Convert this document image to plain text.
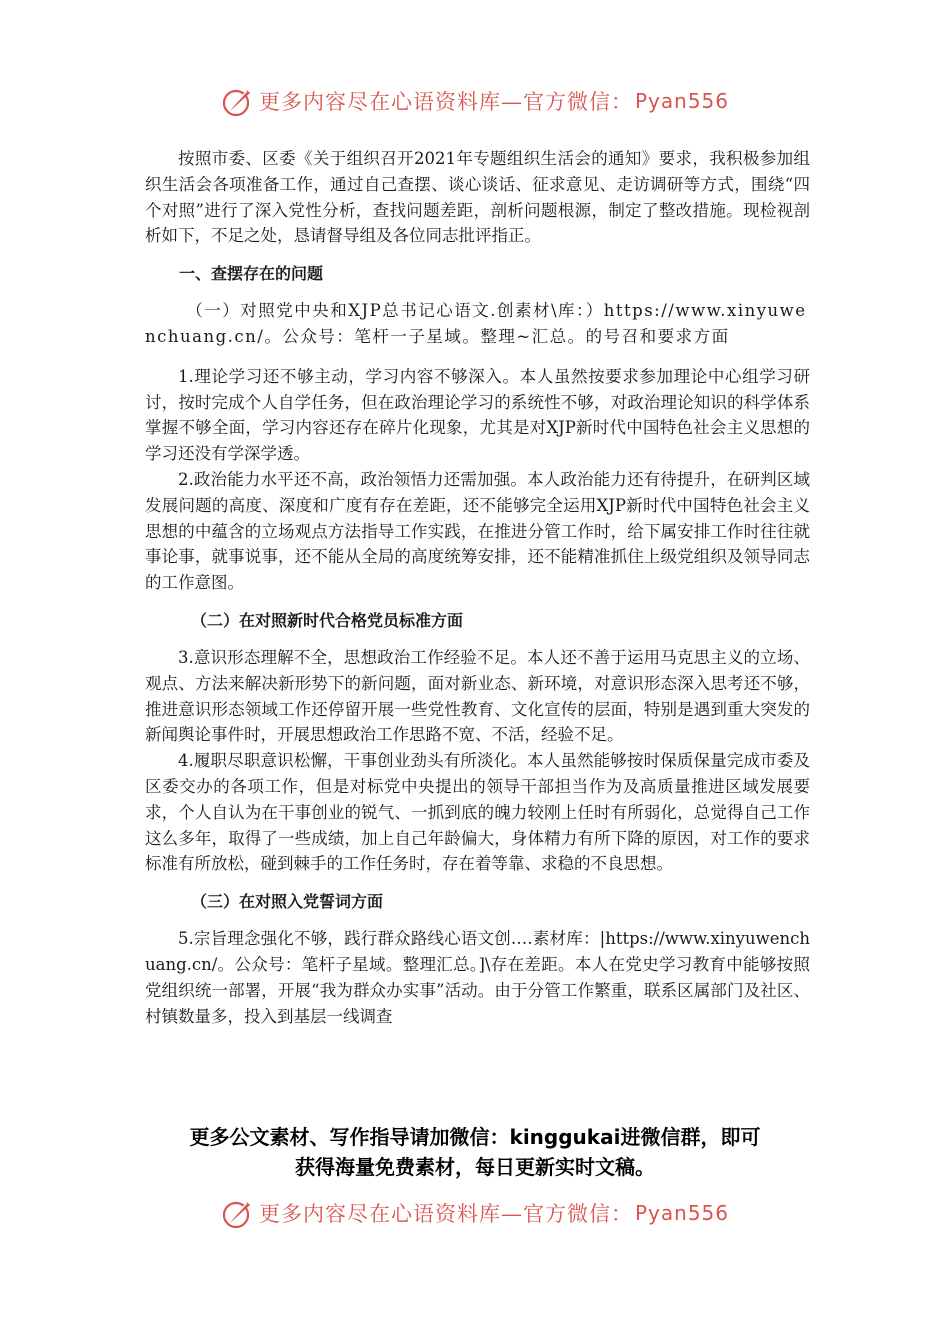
更多内容尽在心语资料库—官方微信： Pyan556

按照市委、区委《关于组织召开2021年专题组织生活会的通知》要求，我积极参加组织生活会各项准备工作，通过自己查摆、谈心谈话、征求意见、走访调研等方式，围绕“四个对照”进行了深入党性分析，查找问题差距，剖析问题根源，制定了整改措施。现检视剖析如下，不足之处，恳请督导组及各位同志批评指正。

一、查摆存在的问题

（一）对照党中央和XJP总书记心语文.创素材\库：）https://www.xinyuwenchuang.cn/。公众号：笔杆一子星域。整理~汇总。的号召和要求方面

1.理论学习还不够主动，学习内容不够深入。本人虽然按要求参加理论中心组学习研讨，按时完成个人自学任务，但在政治理论学习的系统性不够，对政治理论知识的科学体系掌握不够全面，学习内容还存在碎片化现象，尤其是对XJP新时代中国特色社会主义思想的学习还没有学深学透。

2.政治能力水平还不高，政治领悟力还需加强。本人政治能力还有待提升，在研判区域发展问题的高度、深度和广度有存在差距，还不能够完全运用XJP新时代中国特色社会主义思想的中蕴含的立场观点方法指导工作实践，在推进分管工作时，给下属安排工作时往往就事论事，就事说事，还不能从全局的高度统筹安排，还不能精准抓住上级党组织及领导同志的工作意图。

（二）在对照新时代合格党员标准方面

3.意识形态理解不全，思想政治工作经验不足。本人还不善于运用马克思主义的立场、观点、方法来解决新形势下的新问题，面对新业态、新环境，对意识形态深入思考还不够，推进意识形态领域工作还停留开展一些党性教育、文化宣传的层面，特别是遇到重大突发的新闻舆论事件时，开展思想政治工作思路不宽、不活，经验不足。

4.履职尽职意识松懈，干事创业劲头有所淡化。本人虽然能够按时保质保量完成市委及区委交办的各项工作，但是对标党中央提出的领导干部担当作为及高质量推进区域发展要求，个人自认为在干事创业的锐气、一抓到底的魄力较刚上任时有所弱化，总觉得自己工作这么多年，取得了一些成绩，加上自己年龄偏大，身体精力有所下降的原因，对工作的要求标准有所放松，碰到棘手的工作任务时，存在着等靠、求稳的不良思想。

（三）在对照入党誓词方面

5.宗旨理念强化不够，践行群众路线心语文创.…素材库：|https://www.xinyuwenchuang.cn/。公众号：笔杆子星域。整理汇总。]\存在差距。本人在党史学习教育中能够按照党组织统一部署，开展“我为群众办实事”活动。由于分管工作繁重，联系区属部门及社区、村镇数量多，投入到基层一线调查

更多公文素材、写作指导请加微信：kinggukai进微信群，即可
获得海量免费素材，每日更新实时文稿。
更多内容尽在心语资料库—官方微信： Pyan556
